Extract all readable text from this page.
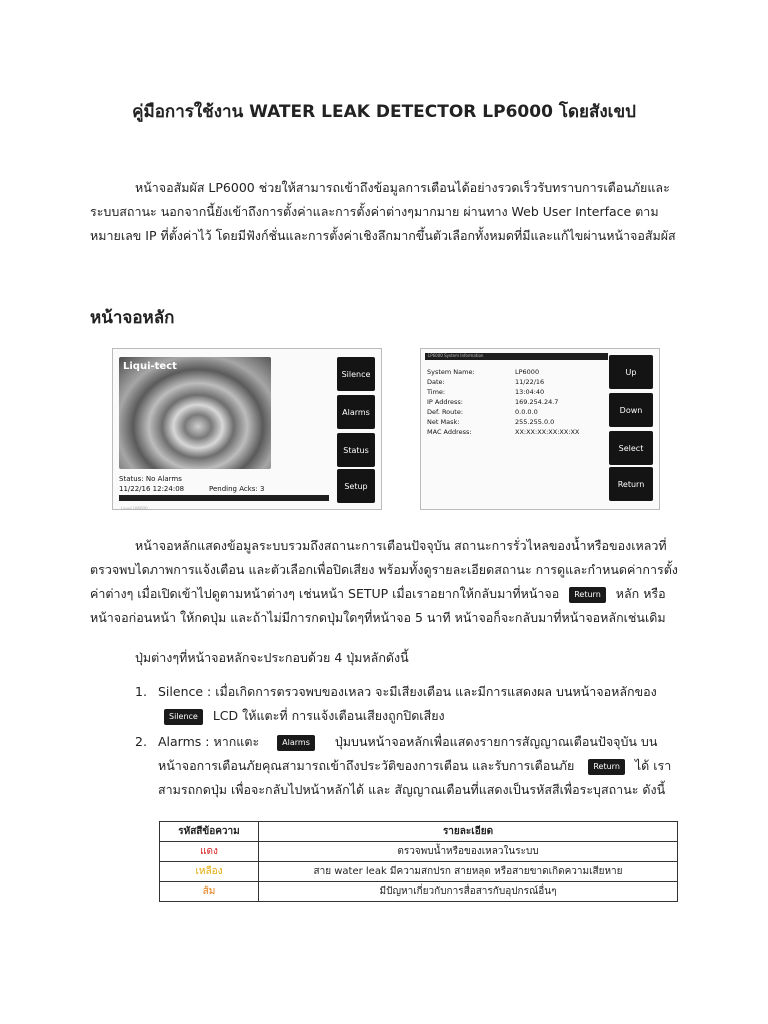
คู่มือการใช้งาน WATER LEAK DETECTOR LP6000 โดยสังเขป
หน้าจอสัมผัส LP6000 ช่วยให้สามารถเข้าถึงข้อมูลการเตือนได้อย่างรวดเร็วรับทราบการเตือนภัยและ
ระบบสถานะ นอกจากนี้ยังเข้าถึงการตั้งค่าและการตั้งค่าต่างๆมากมาย ผ่านทาง Web User Interface ตาม
หมายเลข IP ที่ตั้งค่าไว้ โดยมีฟังก์ชั่นและการตั้งค่าเชิงลึกมากขึ้นตัวเลือกทั้งหมดที่มีและแก้ไขผ่านหน้าจอสัมผัส
หน้าจอหลัก
Liqui-tect
Status: No Alarms
11/22/16 12:24:08	Pending Acks: 3
Level LP6000
Silence
Alarms
Status
Setup
LP6000 System Information
System Name:	LP6000
Date:	11/22/16
Time:	13:04:40
IP Address:	169.254.24.7
Def. Route:	0.0.0.0
Net Mask:	255.255.0.0
MAC Address:	XX:XX:XX:XX:XX:XX
Up
Down
Select
Return
หน้าจอหลักแสดงข้อมูลระบบรวมถึงสถานะการเตือนปัจจุบัน สถานะการรั่วไหลของน้ำหรือของเหลวที่
ตรวจพบไดภาพการแจ้งเตือน และตัวเลือกเพื่อปิดเสียง พร้อมทั้งดูรายละเอียดสถานะ การดูและกำหนดค่าการตั้ง
ค่าต่างๆ เมื่อเปิดเข้าไปดูตามหน้าต่างๆ เช่นหน้า SETUP เมื่อเราอยากให้กลับมาที่หน้าจอ Return หลัก หรือ
หน้าจอก่อนหน้า ให้กดปุ่ม และถ้าไม่มีการกดปุ่มใดๆที่หน้าจอ 5 นาที หน้าจอก็จะกลับมาที่หน้าจอหลักเช่นเดิม
ปุ่มต่างๆที่หน้าจอหลักจะประกอบด้วย 4 ปุ่มหลักดังนี้
1. Silence : เมื่อเกิดการตรวจพบของเหลว จะมีเสียงเตือน และมีการแสดงผล บนหน้าจอหลักของ
Silence LCD ให้แตะที่ การแจ้งเตือนเสียงถูกปิดเสียง
2. Alarms : หากแตะ	Alarms ปุ่มบนหน้าจอหลักเพื่อแสดงรายการสัญญาณเตือนปัจจุบัน บน
หน้าจอการเตือนภัยคุณสามารถเข้าถึงประวัติของการเตือน และรับการเตือนภัย Return ได้ เรา
สามรถกดปุ่ม เพื่อจะกลับไปหน้าหลักได้ และ สัญญาณเตือนที่แสดงเป็นรหัสสีเพื่อระบุสถานะ ดังนี้
รหัสสีข้อความ	รายละเอียด
แดง	ตรวจพบน้ำหรือของเหลวในระบบ
เหลือง	สาย water leak มีความสกปรก สายหลุด หรือสายขาดเกิดความเสียหาย
ส้ม	มีปัญหาเกี่ยวกับการสื่อสารกับอุปกรณ์อื่นๆ
